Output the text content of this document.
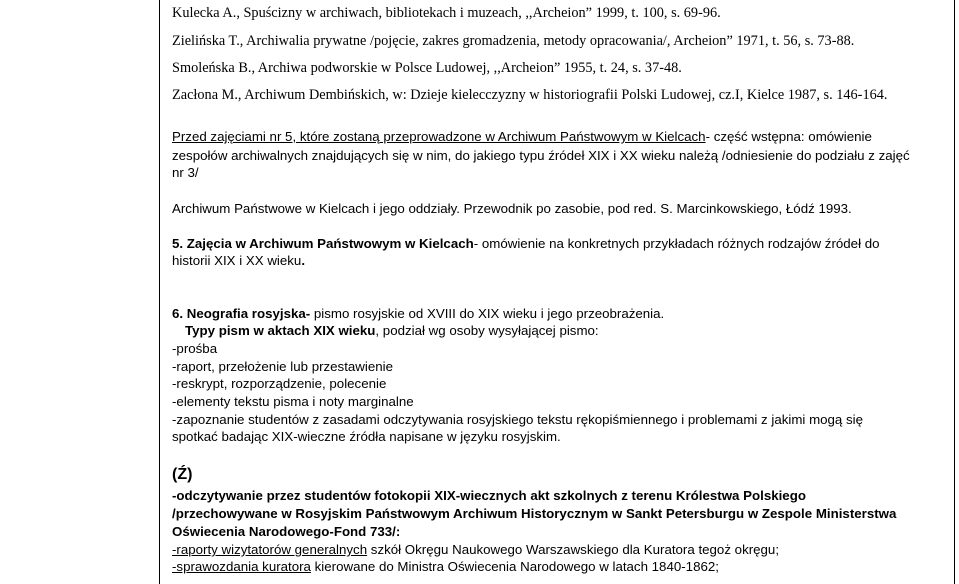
Kulecka A., Spuścizny w archiwach, bibliotekach i muzeach, ,,Archeion” 1999, t. 100, s. 69-96.
Zielińska T., Archiwalia prywatne /pojęcie, zakres gromadzenia, metody opracowania/, Archeion” 1971, t. 56, s. 73-88.
Smoleńska B., Archiwa podworskie w Polsce Ludowej, ,,Archeion” 1955, t. 24, s. 37-48.
Zacłona M., Archiwum Dembińskich, w: Dzieje kielecczyzny w historiografii Polski Ludowej, cz.I, Kielce 1987, s. 146-164.
Przed zajęciami nr 5, które zostaną przeprowadzone w Archiwum Państwowym w Kielcach- część wstępna: omówienie
zespołów archiwalnych znajdujących się w nim, do jakiego typu źródeł XIX i XX wieku należą /odniesienie do podziału z zajęć
nr 3/
Archiwum Państwowe w Kielcach i jego oddziały. Przewodnik po zasobie, pod red. S. Marcinkowskiego, Łódź 1993.
5. Zajęcia w Archiwum Państwowym w Kielcach- omówienie na konkretnych przykładach różnych rodzajów źródeł do
historii XIX i XX wieku.
6. Neografia rosyjska- pismo rosyjskie od XVIII do XIX wieku i jego przeobrażenia.
Typy pism w aktach XIX wieku, podział wg osoby wysyłającej pismo:
-prośba
-raport, przełożenie lub przestawienie
-reskrypt, rozporządzenie, polecenie
-elementy tekstu pisma i noty marginalne
-zapoznanie studentów z zasadami odczytywania rosyjskiego tekstu rękopiśmiennego i problemami z jakimi mogą się
spotkać badając XIX-wieczne źródła napisane w języku rosyjskim.
(Ź)
-odczytywanie przez studentów fotokopii XIX-wiecznych akt szkolnych z terenu Królestwa Polskiego
/przechowywane w Rosyjskim Państwowym Archiwum Historycznym w Sankt Petersburgu w Zespole Ministerstwa
Oświecenia Narodowego-Fond 733/:
-raporty wizytatorów generalnych szkół Okręgu Naukowego Warszawskiego dla Kuratora tegoż okręgu;
-sprawozdania kuratora kierowane do Ministra Oświecenia Narodowego w latach 1840-1862;
